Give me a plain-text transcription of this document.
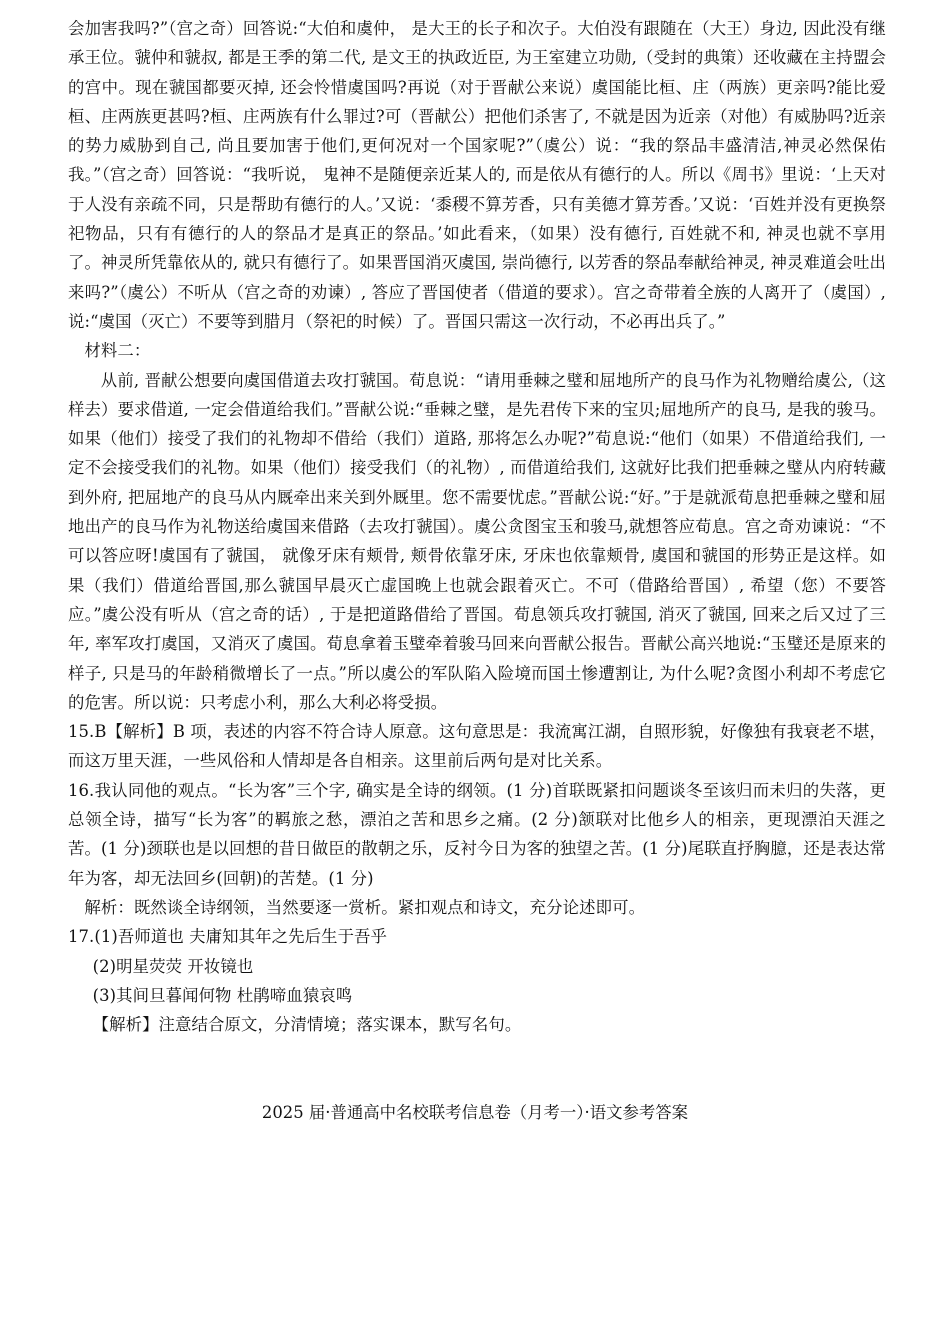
会加害我吗?”（宫之奇）回答说:“大伯和虞仲， 是大王的长子和次子。大伯没有跟随在（大王）身边, 因此没有继承王位。虢仲和虢叔, 都是王季的第二代, 是文王的执政近臣, 为王室建立功勋,（受封的典策）还收藏在主持盟会的宫中。现在虢国都要灭掉, 还会怜惜虞国吗?再说（对于晋献公来说）虞国能比桓、庄（两族）更亲吗?能比爱桓、庄两族更甚吗?桓、庄两族有什么罪过?可（晋献公）把他们杀害了, 不就是因为近亲（对他）有威胁吗?近亲的势力威胁到自己, 尚且要加害于他们,更何况对一个国家呢?”（虞公）说：“我的祭品丰盛清洁,神灵必然保佑我。”（宫之奇）回答说：“我听说， 鬼神不是随便亲近某人的, 而是依从有德行的人。所以《周书》里说：‘上天对于人没有亲疏不同，只是帮助有德行的人。’又说：‘黍稷不算芳香，只有美德才算芳香。’又说：‘百姓并没有更换祭祀物品，只有有德行的人的祭品才是真正的祭品。’如此看来，（如果）没有德行, 百姓就不和, 神灵也就不享用了。神灵所凭靠依从的, 就只有德行了。如果晋国消灭虞国, 崇尚德行, 以芳香的祭品奉献给神灵, 神灵难道会吐出来吗?”（虞公）不听从（宫之奇的劝谏）, 答应了晋国使者（借道的要求）。宫之奇带着全族的人离开了（虞国）, 说:“虞国（灭亡）不要等到腊月（祭祀的时候）了。晋国只需这一次行动，不必再出兵了。”

材料二：

从前, 晋献公想要向虞国借道去攻打虢国。荀息说：“请用垂棘之璧和屈地所产的良马作为礼物赠给虞公,（这样去）要求借道, 一定会借道给我们。”晋献公说:“垂棘之璧，是先君传下来的宝贝;屈地所产的良马, 是我的骏马。如果（他们）接受了我们的礼物却不借给（我们）道路, 那将怎么办呢?”荀息说:“他们（如果）不借道给我们, 一定不会接受我们的礼物。如果（他们）接受我们（的礼物）, 而借道给我们, 这就好比我们把垂棘之璧从内府转藏到外府, 把屈地产的良马从内厩牵出来关到外厩里。您不需要忧虑。”晋献公说:“好。”于是就派荀息把垂棘之璧和屈地出产的良马作为礼物送给虞国来借路（去攻打虢国）。虞公贪图宝玉和骏马,就想答应荀息。宫之奇劝谏说：“不可以答应呀!虞国有了虢国， 就像牙床有颊骨, 颊骨依靠牙床, 牙床也依靠颊骨, 虞国和虢国的形势正是这样。如果（我们）借道给晋国,那么虢国早晨灭亡虚国晚上也就会跟着灭亡。不可（借路给晋国）, 希望（您）不要答应。”虞公没有听从（宫之奇的话）, 于是把道路借给了晋国。荀息领兵攻打虢国, 消灭了虢国, 回来之后又过了三年, 率军攻打虞国，又消灭了虞国。荀息拿着玉璧牵着骏马回来向晋献公报告。晋献公高兴地说:“玉璧还是原来的样子, 只是马的年龄稍微增长了一点。”所以虞公的军队陷入险境而国土惨遭割让, 为什么呢?贪图小利却不考虑它的危害。所以说：只考虑小利，那么大利必将受损。

15.B【解析】B 项，表述的内容不符合诗人原意。这句意思是：我流寓江湖，自照形貌，好像独有我衰老不堪，而这万里天涯，一些风俗和人情却是各自相亲。这里前后两句是对比关系。

16.我认同他的观点。“长为客”三个字, 确实是全诗的纲领。(1 分)首联既紧扣问题谈冬至该归而未归的失落，更总领全诗，描写“长为客”的羁旅之愁，漂泊之苦和思乡之痛。(2 分)颔联对比他乡人的相亲，更现漂泊天涯之苦。(1 分)颈联也是以回想的昔日做臣的散朝之乐，反衬今日为客的独望之苦。(1 分)尾联直抒胸臆，还是表达常年为客，却无法回乡(回朝)的苦楚。(1 分)

解析：既然谈全诗纲领，当然要逐一赏析。紧扣观点和诗文，充分论述即可。

17.(1)吾师道也 夫庸知其年之先后生于吾乎

(2)明星荧荧 开妆镜也

(3)其间旦暮闻何物 杜鹃啼血猿哀鸣

【解析】注意结合原文，分清情境；落实课本，默写名句。

2025 届·普通高中名校联考信息卷（月考一）·语文参考答案
